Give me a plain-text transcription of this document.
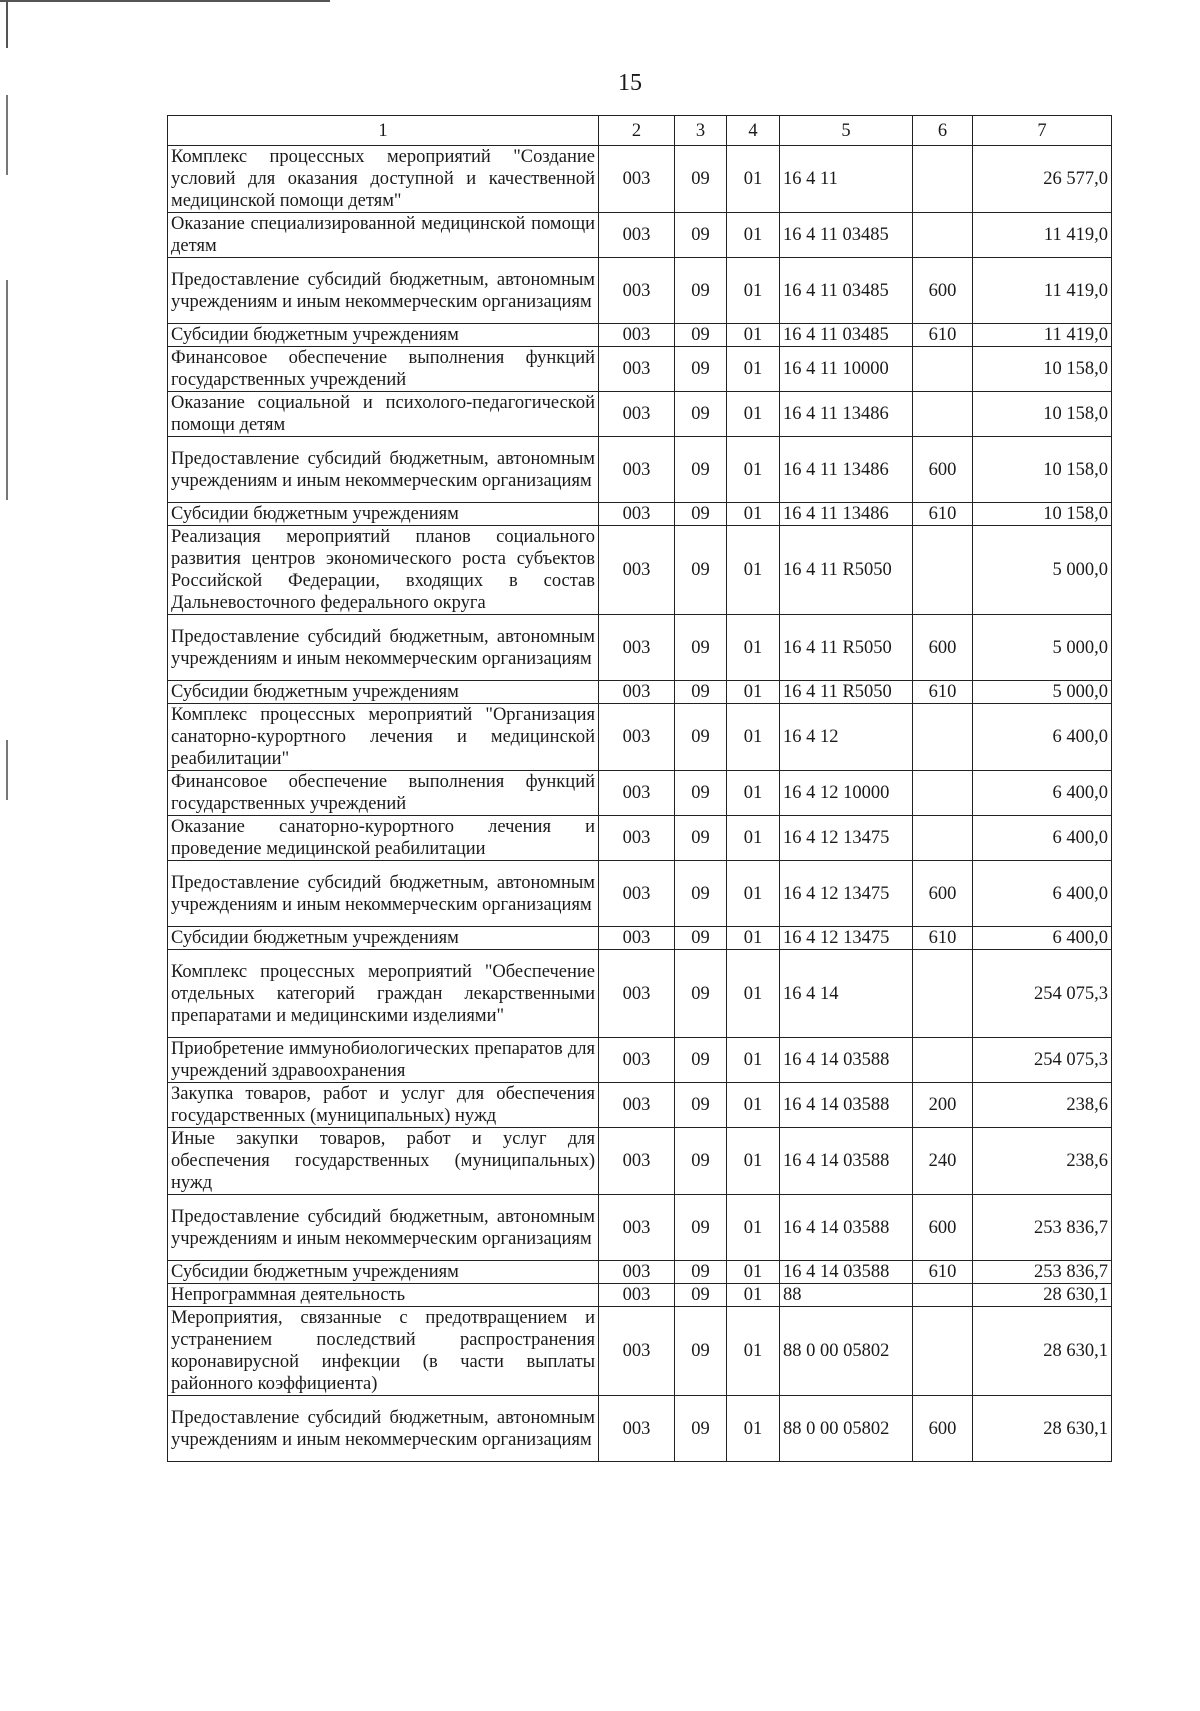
15
1	2	3	4	5	6	7
Комплекс процессных мероприятий "Создание условий для оказания доступной и качественной медицинской помощи детям"	003	09	01	16 4 11		26 577,0
Оказание специализированной медицинской помощи детям	003	09	01	16 4 11 03485		11 419,0
Предоставление субсидий бюджетным, автономным учреждениям и иным некоммерческим организациям	003	09	01	16 4 11 03485	600	11 419,0
Субсидии бюджетным учреждениям	003	09	01	16 4 11 03485	610	11 419,0
Финансовое обеспечение выполнения функций государственных учреждений	003	09	01	16 4 11 10000		10 158,0
Оказание социальной и психолого-педагогической помощи детям	003	09	01	16 4 11 13486		10 158,0
Предоставление субсидий бюджетным, автономным учреждениям и иным некоммерческим организациям	003	09	01	16 4 11 13486	600	10 158,0
Субсидии бюджетным учреждениям	003	09	01	16 4 11 13486	610	10 158,0
Реализация мероприятий планов социального развития центров экономического роста субъектов Российской Федерации, входящих в состав Дальневосточного федерального округа	003	09	01	16 4 11 R5050		5 000,0
Предоставление субсидий бюджетным, автономным учреждениям и иным некоммерческим организациям	003	09	01	16 4 11 R5050	600	5 000,0
Субсидии бюджетным учреждениям	003	09	01	16 4 11 R5050	610	5 000,0
Комплекс процессных мероприятий "Организация санаторно-курортного лечения и медицинской реабилитации"	003	09	01	16 4 12		6 400,0
Финансовое обеспечение выполнения функций государственных учреждений	003	09	01	16 4 12 10000		6 400,0
Оказание санаторно-курортного лечения и проведение медицинской реабилитации	003	09	01	16 4 12 13475		6 400,0
Предоставление субсидий бюджетным, автономным учреждениям и иным некоммерческим организациям	003	09	01	16 4 12 13475	600	6 400,0
Субсидии бюджетным учреждениям	003	09	01	16 4 12 13475	610	6 400,0
Комплекс процессных мероприятий "Обеспечение отдельных категорий граждан лекарственными препаратами и медицинскими изделиями"	003	09	01	16 4 14		254 075,3
Приобретение иммунобиологических препаратов для учреждений здравоохранения	003	09	01	16 4 14 03588		254 075,3
Закупка товаров, работ и услуг для обеспечения государственных (муниципальных) нужд	003	09	01	16 4 14 03588	200	238,6
Иные закупки товаров, работ и услуг для обеспечения государственных (муниципальных) нужд	003	09	01	16 4 14 03588	240	238,6
Предоставление субсидий бюджетным, автономным учреждениям и иным некоммерческим организациям	003	09	01	16 4 14 03588	600	253 836,7
Субсидии бюджетным учреждениям	003	09	01	16 4 14 03588	610	253 836,7
Непрограммная деятельность	003	09	01	88		28 630,1
Мероприятия, связанные с предотвращением и устранением последствий распространения коронавирусной инфекции (в части выплаты районного коэффициента)	003	09	01	88 0 00 05802		28 630,1
Предоставление субсидий бюджетным, автономным учреждениям и иным некоммерческим организациям	003	09	01	88 0 00 05802	600	28 630,1
